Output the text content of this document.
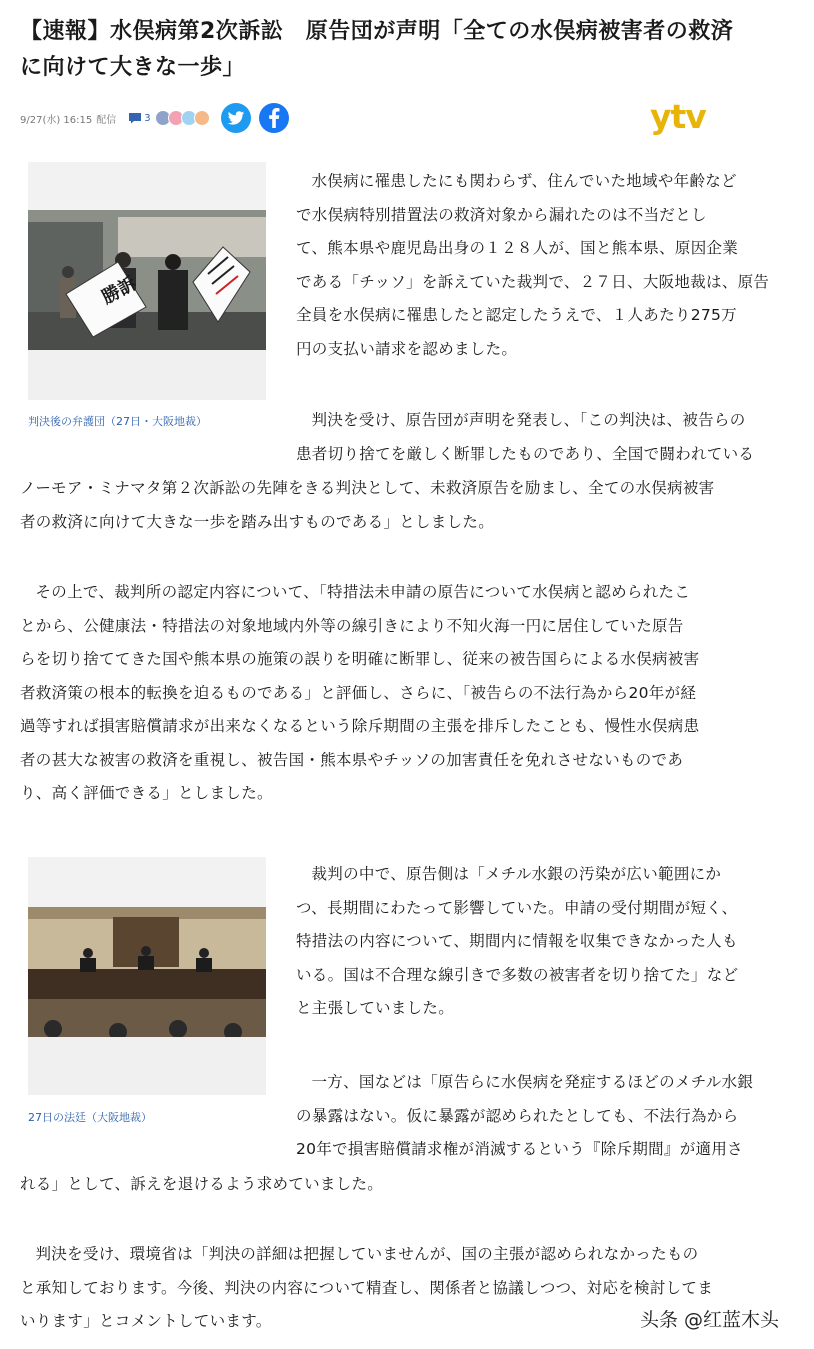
【速報】水俣病第2次訴訟　原告団が声明「全ての水俣病被害者の救済
に向けて大きな一歩」
9/27(水) 16:15 配信	3	ytv
勝訴
判決後の弁護団（27日・大阪地裁）

水俣病に罹患したにも関わらず、住んでいた地域や年齢など

で水俣病特別措置法の救済対象から漏れたのは不当だとし

て、熊本県や鹿児島出身の１２８人が、国と熊本県、原因企業

である「チッソ」を訴えていた裁判で、２７日、大阪地裁は、原告

全員を水俣病に罹患したと認定したうえで、１人あたり275万

円の支払い請求を認めました。

判決を受け、原告団が声明を発表し、「この判決は、被告らの

患者切り捨てを厳しく断罪したものであり、全国で闘われている

ノーモア・ミナマタ第２次訴訟の先陣をきる判決として、未救済原告を励まし、全ての水俣病被害

者の救済に向けて大きな一歩を踏み出すものである」としました。

その上で、裁判所の認定内容について、「特措法未申請の原告について水俣病と認められたこ

とから、公健康法・特措法の対象地域内外等の線引きにより不知火海一円に居住していた原告

らを切り捨ててきた国や熊本県の施策の誤りを明確に断罪し、従来の被告国らによる水俣病被害

者救済策の根本的転換を迫るものである」と評価し、さらに、「被告らの不法行為から20年が経

過等すれば損害賠償請求が出来なくなるという除斥期間の主張を排斥したことも、慢性水俣病患

者の甚大な被害の救済を重視し、被告国・熊本県やチッソの加害責任を免れさせないものであ

り、高く評価できる」としました。

27日の法廷（大阪地裁）

裁判の中で、原告側は「メチル水銀の汚染が広い範囲にか

つ、長期間にわたって影響していた。申請の受付期間が短く、

特措法の内容について、期間内に情報を収集できなかった人も

いる。国は不合理な線引きで多数の被害者を切り捨てた」など

と主張していました。

一方、国などは「原告らに水俣病を発症するほどのメチル水銀

の暴露はない。仮に暴露が認められたとしても、不法行為から

20年で損害賠償請求権が消滅するという『除斥期間』が適用さ

れる」として、訴えを退けるよう求めていました。

判決を受け、環境省は「判決の詳細は把握していませんが、国の主張が認められなかったもの

と承知しております。今後、判決の内容について精査し、関係者と協議しつつ、対応を検討してま

いります」とコメントしています。	头条 @红蓝木头
